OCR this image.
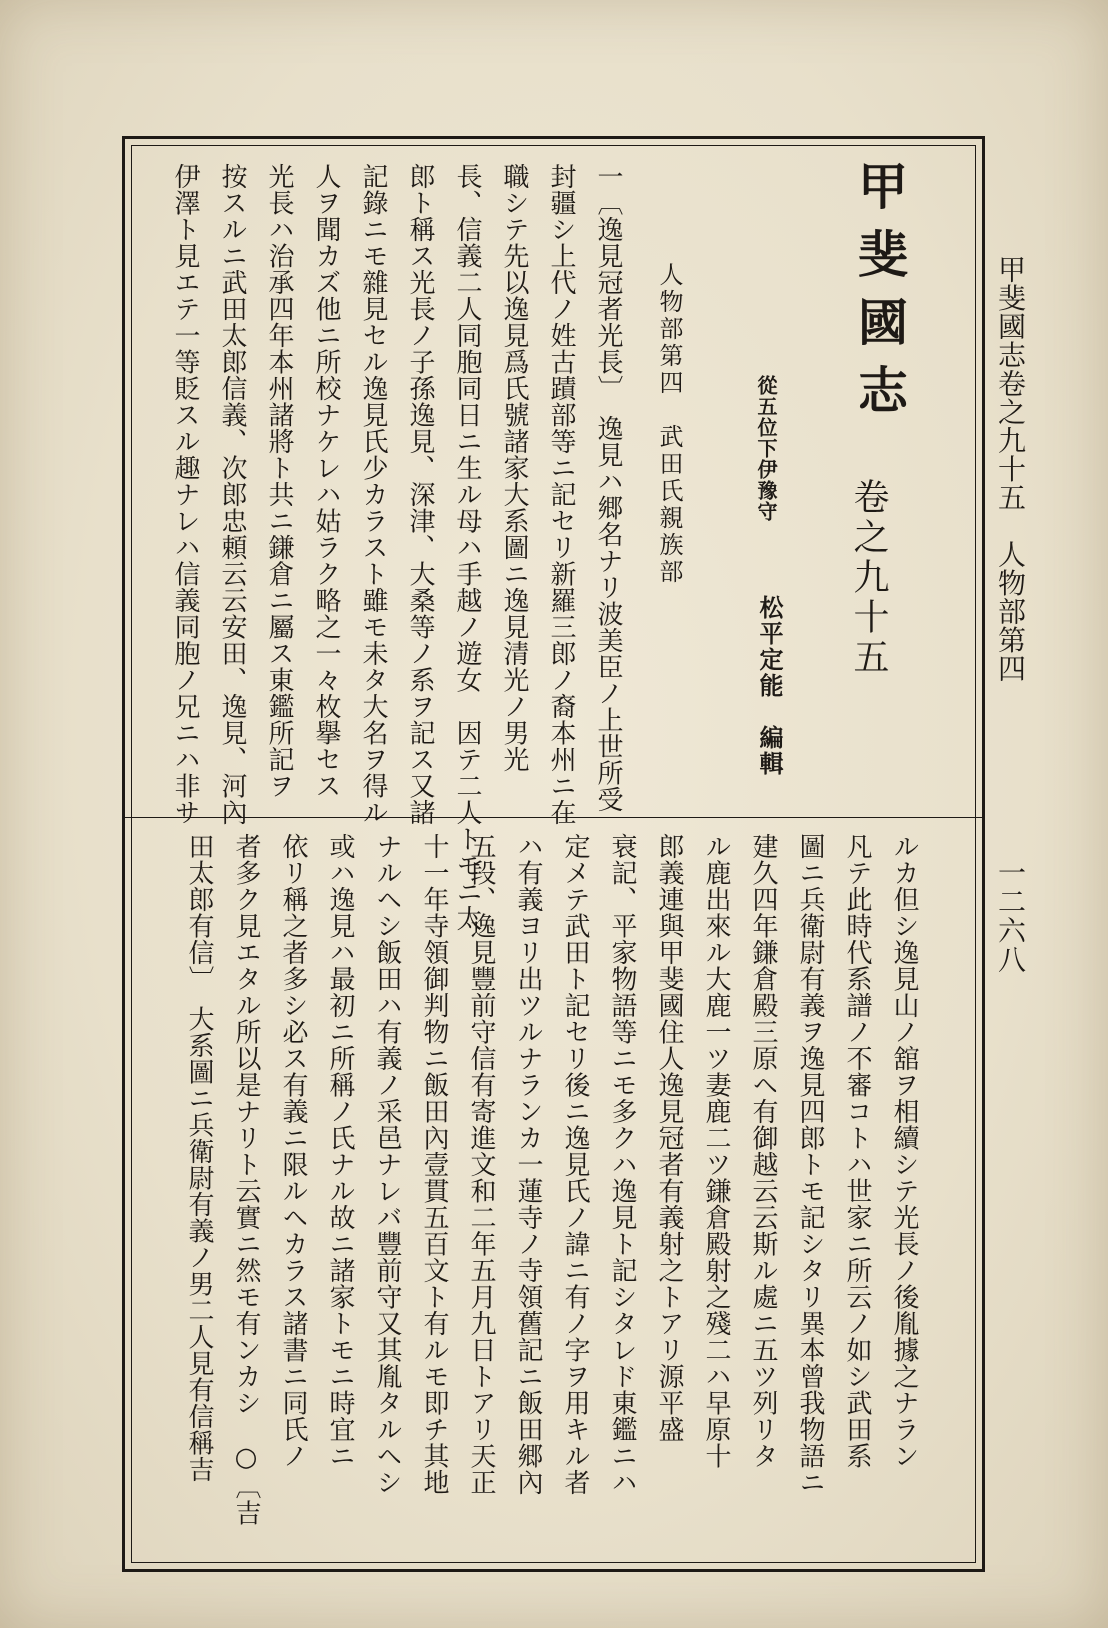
甲斐國志卷之九十五　人物部第四
一二六八
甲斐國志
卷之九十五
從五位下伊豫守
松平定能　編輯
人物部第四　武田氏親族部
一〔逸見冠者光長〕　逸見ハ郷名ナリ波美臣ノ上世所受
封疆シ上代ノ姓古蹟部等ニ記セリ新羅三郎ノ裔本州ニ在
職シテ先以逸見爲氏號諸家大系圖ニ逸見清光ノ男光
長、信義二人同胞同日ニ生ル母ハ手越ノ遊女　因テ二人トモニ太
郎ト稱ス光長ノ子孫逸見、深津、大桑等ノ系ヲ記ス又諸
記錄ニモ雜見セル逸見氏少カラスト雖モ未タ大名ヲ得ル
人ヲ聞カズ他ニ所校ナケレハ姑ラク略之一々枚擧セス
光長ハ治承四年本州諸將ト共ニ鎌倉ニ屬ス東鑑所記ヲ
按スルニ武田太郎信義、次郎忠頼云云安田、逸見、河內
伊澤ト見エテ一等貶スル趣ナレハ信義同胞ノ兄ニハ非サ
ルカ但シ逸見山ノ舘ヲ相續シテ光長ノ後胤據之ナラン
凡テ此時代系譜ノ不審コトハ世家ニ所云ノ如シ武田系
圖ニ兵衛尉有義ヲ逸見四郎トモ記シタリ異本曾我物語ニ
建久四年鎌倉殿三原ヘ有御越云云斯ル處ニ五ツ列リタ
ル鹿出來ル大鹿一ツ妻鹿二ツ鎌倉殿射之殘二ハ早原十
郎義連與甲斐國住人逸見冠者有義射之トアリ源平盛
衰記、平家物語等ニモ多クハ逸見ト記シタレド東鑑ニハ
定メテ武田ト記セリ後ニ逸見氏ノ諱ニ有ノ字ヲ用キル者
ハ有義ヨリ出ツルナランカ一蓮寺ノ寺領舊記ニ飯田郷內
五段、逸見豐前守信有寄進文和二年五月九日トアリ天正
十一年寺領御判物ニ飯田內壹貫五百文ト有ルモ即チ其地
ナルヘシ飯田ハ有義ノ采邑ナレバ豐前守又其胤タルヘシ
或ハ逸見ハ最初ニ所稱ノ氏ナル故ニ諸家トモニ時宜ニ
依リ稱之者多シ必ス有義ニ限ルヘカラス諸書ニ同氏ノ
者多ク見エタル所以是ナリト云實ニ然モ有ンカシ　○〔吉
田太郎有信〕　大系圖ニ兵衛尉有義ノ男二人見有信稱吉
